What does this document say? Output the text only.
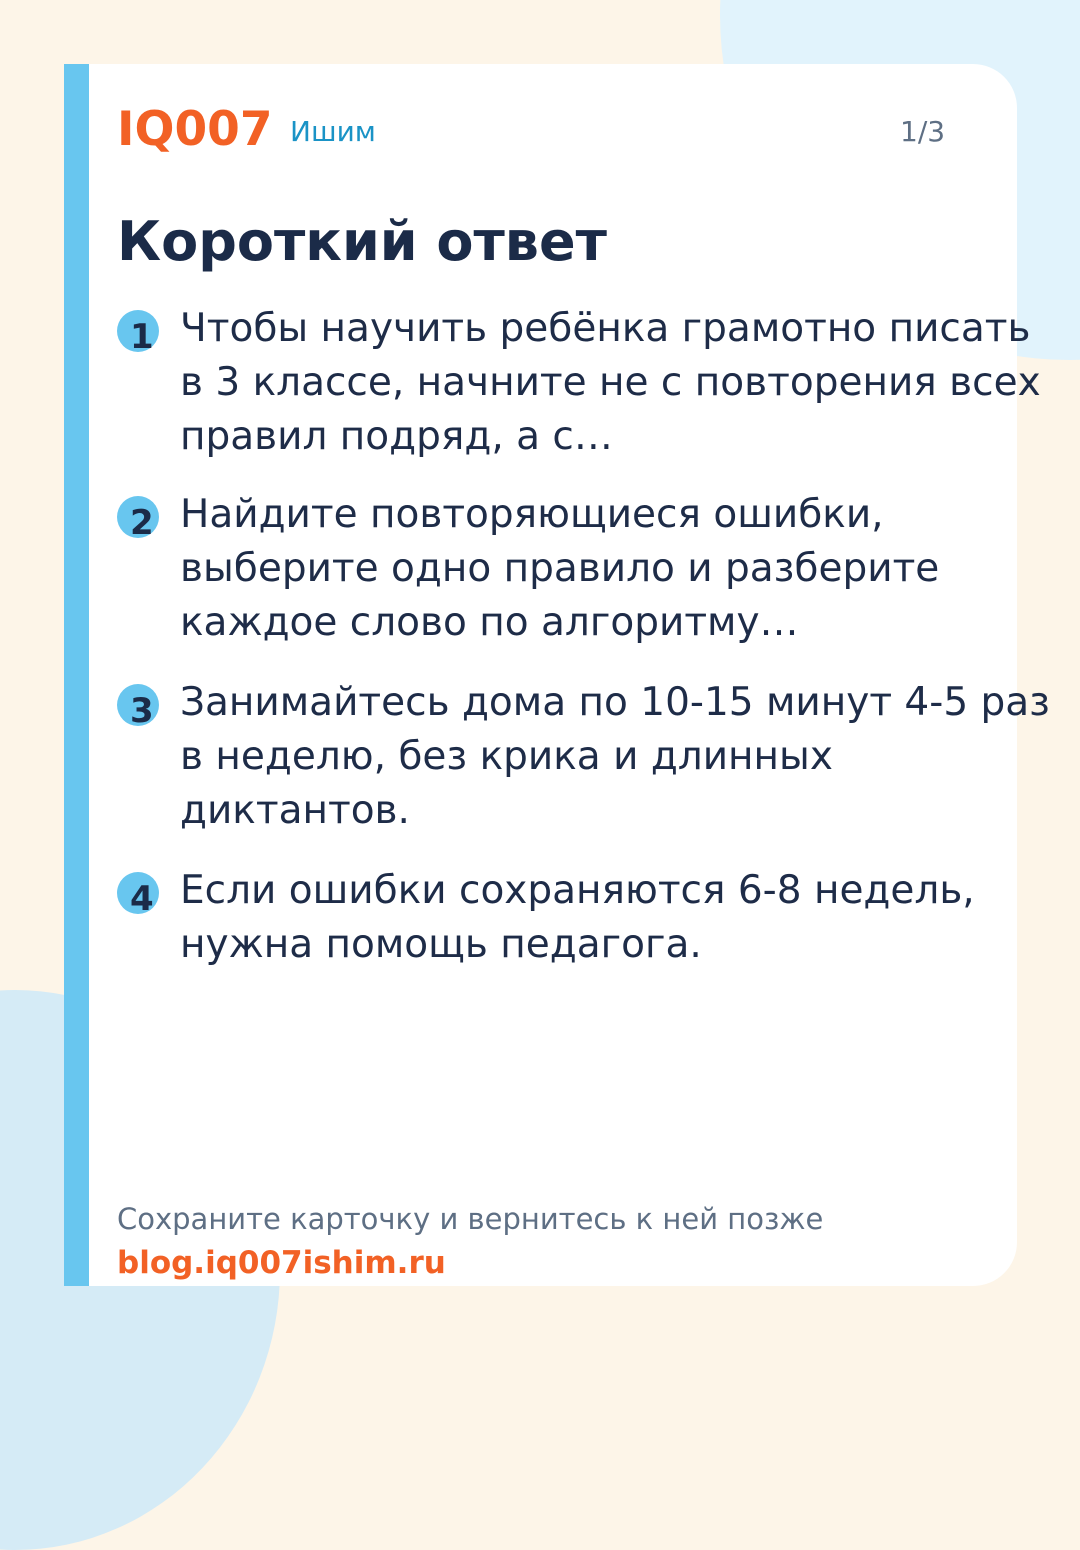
IQ007 Ишим	1/3
Короткий ответ
1 Чтобы научить ребёнка грамотно писать в 3 классе, начните не с повторения всех правил подряд, а с…

2 Найдите повторяющиеся ошибки, выберите одно правило и разберите каждое слово по алгоритму…

3 Занимайтесь дома по 10-15 минут 4-5 раз в неделю, без крика и длинных диктантов.

4 Если ошибки сохраняются 6-8 недель, нужна помощь педагога.

Сохраните карточку и вернитесь к ней позже
blog.iq007ishim.ru
